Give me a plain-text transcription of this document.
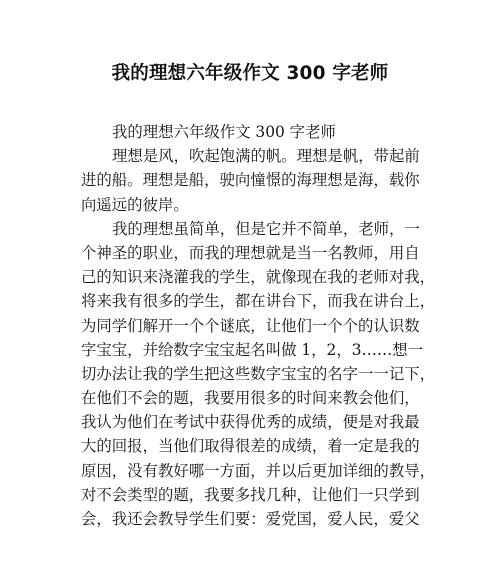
我的理想六年级作文 300 字老师
我的理想六年级作文 300 字老师
理想是风，吹起饱满的帆。理想是帆，带起前
进的船。理想是船，驶向憧憬的海理想是海，载你
向遥远的彼岸。
我的理想虽简单，但是它并不简单，老师，一
个神圣的职业，而我的理想就是当一名教师，用自
己的知识来浇灌我的学生，就像现在我的老师对我，
将来我有很多的学生，都在讲台下，而我在讲台上，
为同学们解开一个个谜底，让他们一个个的认识数
字宝宝，并给数字宝宝起名叫做 1，2，3……想一
切办法让我的学生把这些数字宝宝的名字一一记下，
在他们不会的题，我要用很多的时间来教会他们，
我认为他们在考试中获得优秀的成绩，便是对我最
大的回报，当他们取得很差的成绩，着一定是我的
原因，没有教好哪一方面，并以后更加详细的教导，
对不会类型的题，我要多找几种，让他们一只学到
会，我还会教导学生们要：爱党国，爱人民，爱父
